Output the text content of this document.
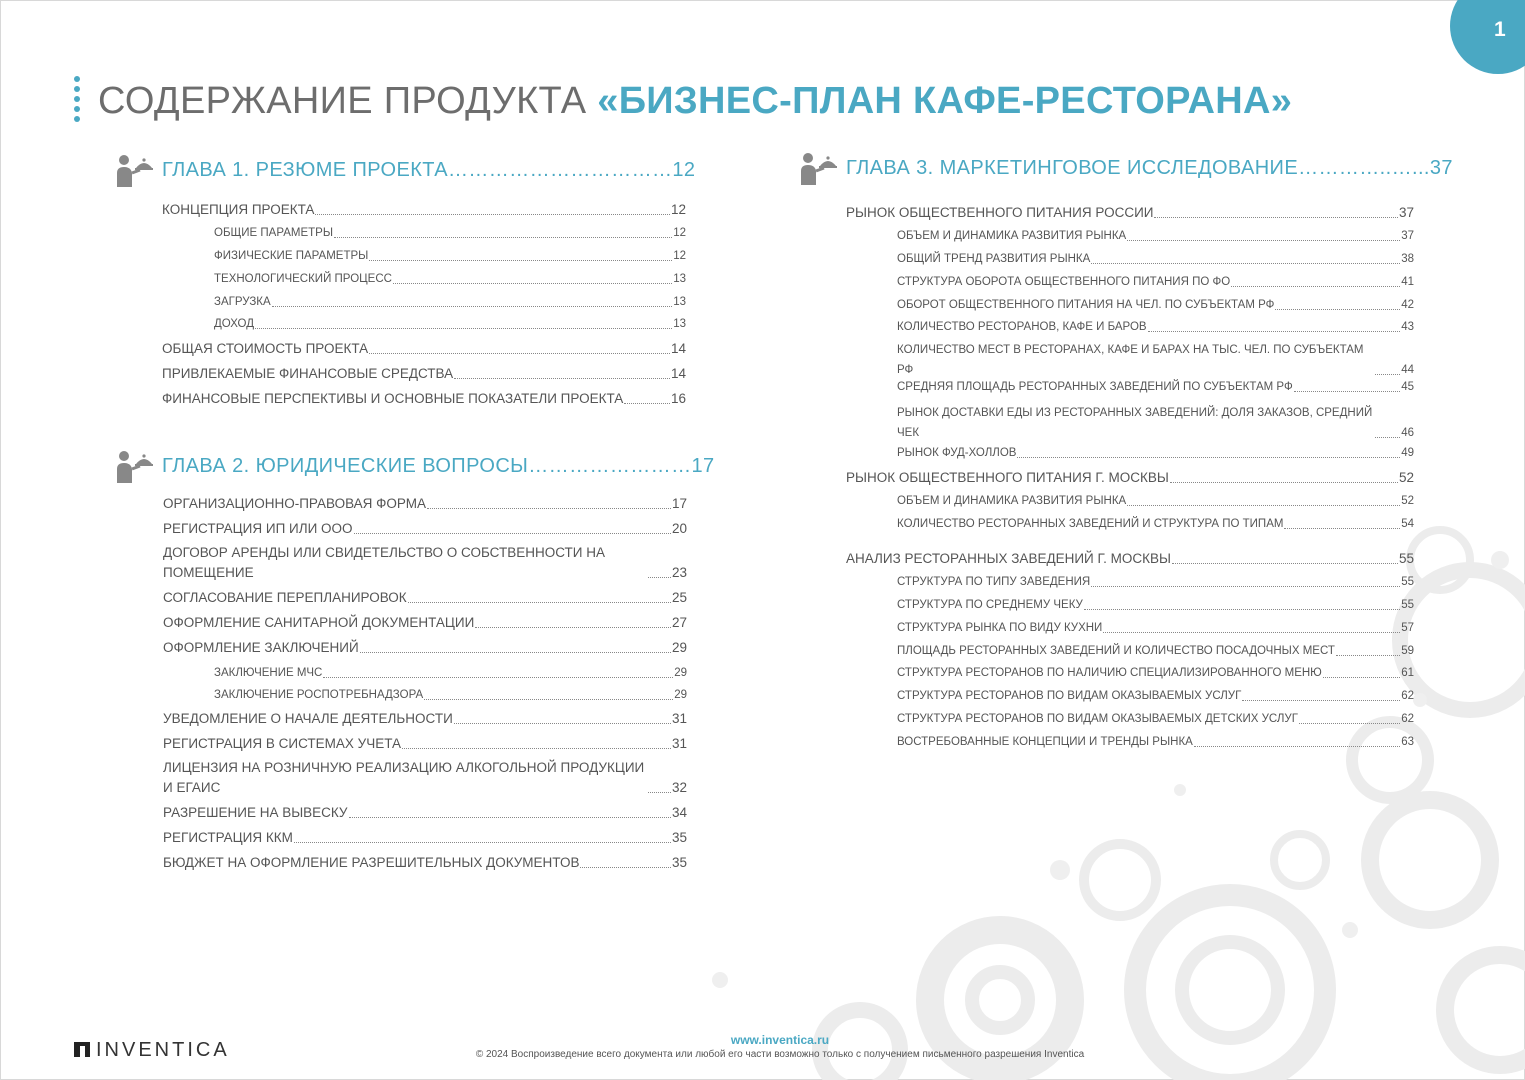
1
СОДЕРЖАНИЕ ПРОДУКТА «БИЗНЕС-ПЛАН КАФЕ-РЕСТОРАНА»
ГЛАВА 1. РЕЗЮМЕ ПРОЕКТА……………………………12
КОНЦЕПЦИЯ ПРОЕКТА	12
ОБЩИЕ ПАРАМЕТРЫ	12
ФИЗИЧЕСКИЕ ПАРАМЕТРЫ	12
ТЕХНОЛОГИЧЕСКИЙ ПРОЦЕСС	13
ЗАГРУЗКА	13
ДОХОД	13
ОБЩАЯ СТОИМОСТЬ ПРОЕКТА	14
ПРИВЛЕКАЕМЫЕ ФИНАНСОВЫЕ СРЕДСТВА	14
ФИНАНСОВЫЕ ПЕРСПЕКТИВЫ И ОСНОВНЫЕ ПОКАЗАТЕЛИ ПРОЕКТА	16
ГЛАВА 2. ЮРИДИЧЕСКИЕ ВОПРОСЫ……………………17
ОРГАНИЗАЦИОННО-ПРАВОВАЯ ФОРМА	17
РЕГИСТРАЦИЯ ИП ИЛИ ООО	20
ДОГОВОР АРЕНДЫ ИЛИ СВИДЕТЕЛЬСТВО О СОБСТВЕННОСТИ НА ПОМЕЩЕНИЕ	23
СОГЛАСОВАНИЕ ПЕРЕПЛАНИРОВОК	25
ОФОРМЛЕНИЕ САНИТАРНОЙ ДОКУМЕНТАЦИИ	27
ОФОРМЛЕНИЕ ЗАКЛЮЧЕНИЙ	29
ЗАКЛЮЧЕНИЕ МЧС	29
ЗАКЛЮЧЕНИЕ РОСПОТРЕБНАДЗОРА	29
УВЕДОМЛЕНИЕ О НАЧАЛЕ ДЕЯТЕЛЬНОСТИ	31
РЕГИСТРАЦИЯ В СИСТЕМАХ УЧЕТА	31
ЛИЦЕНЗИЯ НА РОЗНИЧНУЮ РЕАЛИЗАЦИЮ АЛКОГОЛЬНОЙ ПРОДУКЦИИ И ЕГАИС	32
РАЗРЕШЕНИЕ НА ВЫВЕСКУ	34
РЕГИСТРАЦИЯ ККМ	35
БЮДЖЕТ НА ОФОРМЛЕНИЕ РАЗРЕШИТЕЛЬНЫХ ДОКУМЕНТОВ	35
ГЛАВА 3. МАРКЕТИНГОВОЕ ИССЛЕДОВАНИЕ…………..…...37
РЫНОК ОБЩЕСТВЕННОГО ПИТАНИЯ РОССИИ	37
ОБЪЕМ И ДИНАМИКА РАЗВИТИЯ РЫНКА	37
ОБЩИЙ ТРЕНД РАЗВИТИЯ РЫНКА	38
СТРУКТУРА ОБОРОТА ОБЩЕСТВЕННОГО ПИТАНИЯ ПО ФО	41
ОБОРОТ ОБЩЕСТВЕННОГО ПИТАНИЯ НА ЧЕЛ. ПО СУБЪЕКТАМ РФ	42
КОЛИЧЕСТВО РЕСТОРАНОВ, КАФЕ И БАРОВ	43
КОЛИЧЕСТВО МЕСТ В РЕСТОРАНАХ, КАФЕ И БАРАХ НА ТЫС. ЧЕЛ. ПО СУБЪЕКТАМ РФ	44
СРЕДНЯЯ ПЛОЩАДЬ РЕСТОРАННЫХ ЗАВЕДЕНИЙ ПО СУБЪЕКТАМ РФ	45
РЫНОК ДОСТАВКИ ЕДЫ ИЗ РЕСТОРАННЫХ ЗАВЕДЕНИЙ: ДОЛЯ ЗАКАЗОВ, СРЕДНИЙ ЧЕК	46
РЫНОК ФУД-ХОЛЛОВ	49
РЫНОК ОБЩЕСТВЕННОГО ПИТАНИЯ Г. МОСКВЫ	52
ОБЪЕМ И ДИНАМИКА РАЗВИТИЯ РЫНКА	52
КОЛИЧЕСТВО РЕСТОРАННЫХ ЗАВЕДЕНИЙ И СТРУКТУРА ПО ТИПАМ	54
АНАЛИЗ РЕСТОРАННЫХ ЗАВЕДЕНИЙ Г. МОСКВЫ	55
СТРУКТУРА ПО ТИПУ ЗАВЕДЕНИЯ	55
СТРУКТУРА ПО СРЕДНЕМУ ЧЕКУ	55
СТРУКТУРА РЫНКА ПО ВИДУ КУХНИ	57
ПЛОЩАДЬ РЕСТОРАННЫХ ЗАВЕДЕНИЙ И КОЛИЧЕСТВО ПОСАДОЧНЫХ МЕСТ	59
СТРУКТУРА РЕСТОРАНОВ ПО НАЛИЧИЮ СПЕЦИАЛИЗИРОВАННОГО МЕНЮ	61
СТРУКТУРА РЕСТОРАНОВ ПО ВИДАМ ОКАЗЫВАЕМЫХ УСЛУГ	62
СТРУКТУРА РЕСТОРАНОВ ПО ВИДАМ ОКАЗЫВАЕМЫХ ДЕТСКИХ УСЛУГ	62
ВОСТРЕБОВАННЫЕ КОНЦЕПЦИИ И ТРЕНДЫ РЫНКА	63
INVENTICA	www.inventica.ru
© 2024 Воспроизведение всего документа или любой его части возможно только с получением письменного разрешения Inventica
